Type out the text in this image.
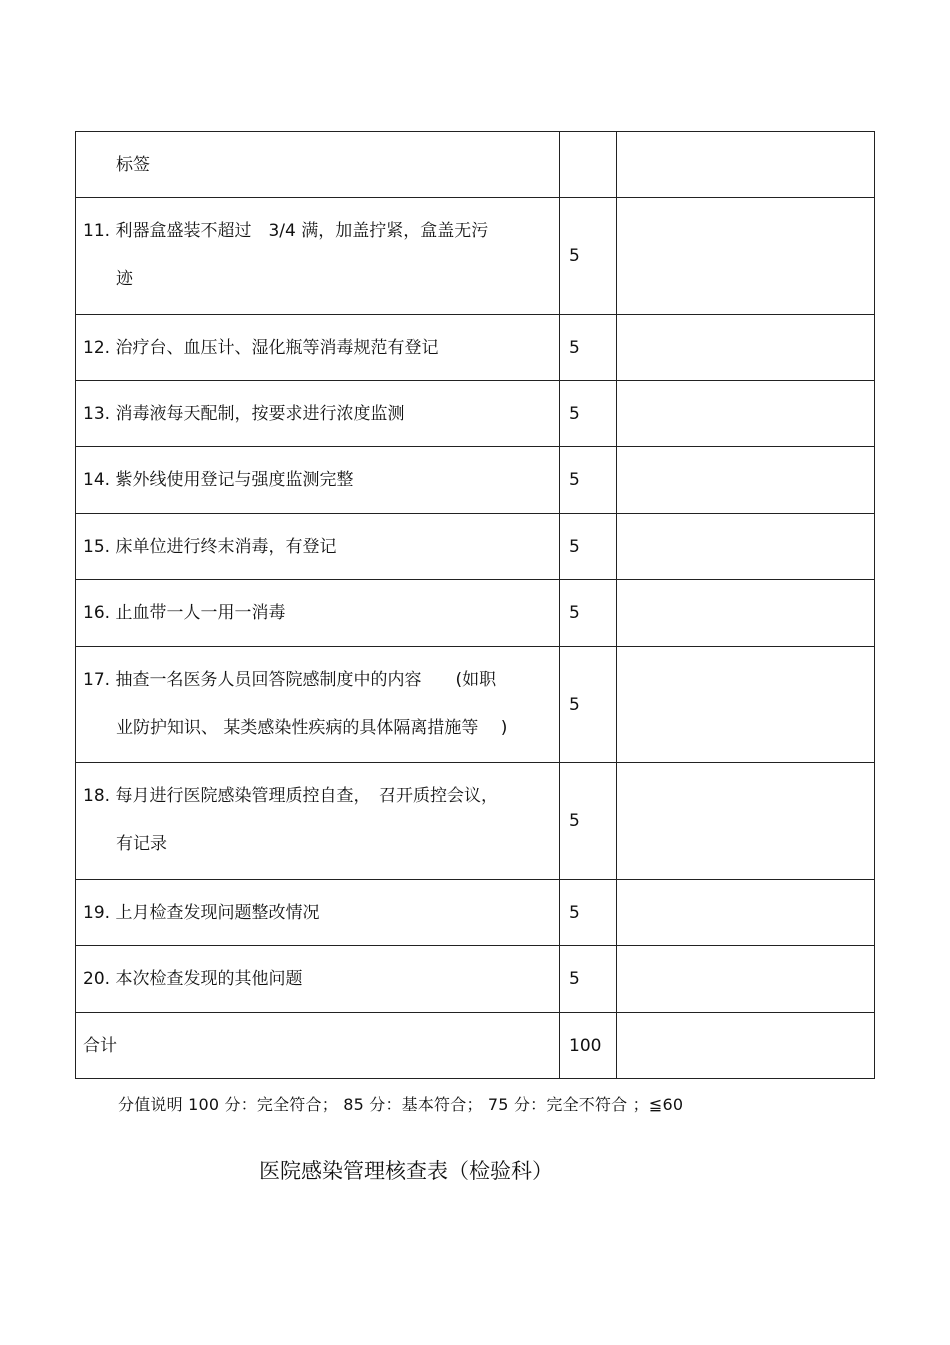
标签		

11. 利器盒盛装不超过　3/4 满，加盖拧紧，盒盖无污
迹	5	

12. 治疗台、血压计、湿化瓶等消毒规范有登记	5	

13. 消毒液每天配制，按要求进行浓度监测	5	

14. 紫外线使用登记与强度监测完整	5	

15. 床单位进行终末消毒，有登记	5	

16. 止血带一人一用一消毒	5	

17. 抽查一名医务人员回答院感制度中的内容　　(如职
业防护知识、 某类感染性疾病的具体隔离措施等　 )	5	

18. 每月进行医院感染管理质控自查，　召开质控会议，
有记录	5	

19. 上月检查发现问题整改情况	5	

20. 本次检查发现的其他问题	5	

合计	100	
分值说明 100 分：完全符合； 85 分：基本符合； 75 分：完全不符合 ；≦60
医院感染管理核查表（检验科）
